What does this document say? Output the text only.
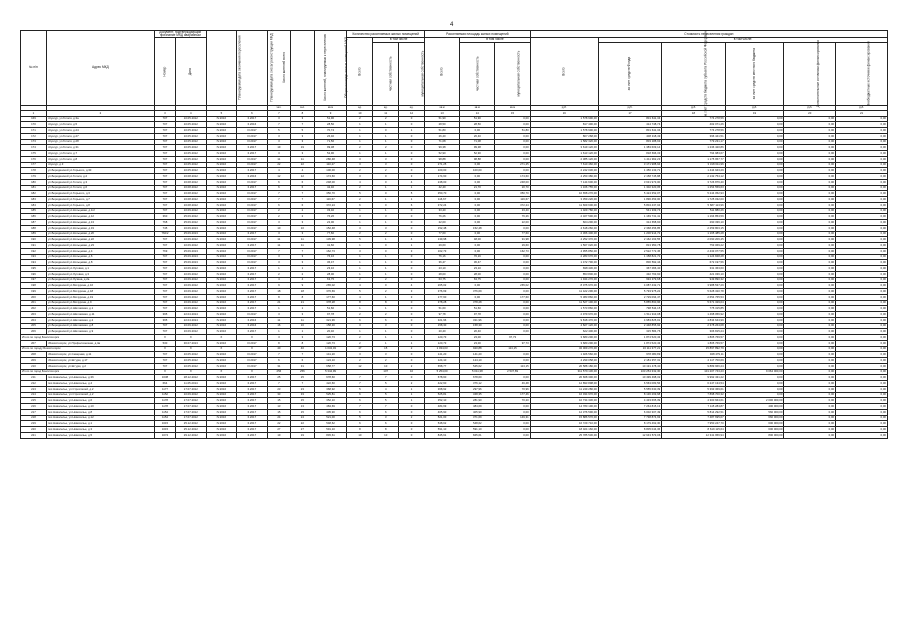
4
№ п/п	Адрес МКД	Документ, подтверждающий признание МКД аварийным		Планируемая дата окончания переселения	Планируемая дата сноса/ реконструкции МКД	Число жителей всего	Число жителей, планируемых к переселению	Общая площадь жилых помещений МКД	Количество расселяемых жилых помещений			Расселяемая площадь жилых помещений			Стоимость переселения граждан					
		Номер	Дата						Всего	в том числе		Всего	в том числе		Всего	в том числе:				
										частная собственность	муниципальная собственность		частная собственность	муниципальная собственность		за счет средств Фонда	за счет средств бюджета субъекта Российской Федерации	за счет средств местного бюджета	Дополнительные источники финансирования	Внебюджетные источники финансирования
						чел.	чел.	кв.м	ед.	ед.	ед.	кв.м	кв.м	кв.м	руб.	руб.	руб.	руб.	руб.	руб.
1	2	3	4	5	6	7	8	9	10	11	12	13	14	15	16	17	18	19	20	21
169	г.Кунгур, ул.Гоголя, д.3а	707	10.05.2012	IV.2016	II.2017	3	3	51,90	2	2	0	51,90	51,90	0,00	1 578 990,00	801 641,34	774 278,56	0,00	0,00	0,00
170	г.Кунгур, ул.Гоголя, д.5	707	10.05.2012	IV.2016	II.2016	7	7	28,50	1	1	0	28,50	28,50	0,00	817 490,00	414 748,74	402 071,26	0,00	0,00	0,00
171	г.Кунгур, ул.Гоголя, д.24	707	10.05.2012	IV.2016	IV.2017	5	5	70,74	1	0	1	51,80	0,00	51,80	1 578 990,00	801 641,34	774 278,56	0,00	0,00	0,00
172	г.Кунгур, ул.Гоголя, д.27	707	10.05.2012	IV.2016	IV.2017	3	3	26,40	1	1	0	26,40	26,40	0,00	807 268,00	408 318,49	396 441,51	0,00	0,00	0,00
173	г.Кунгур, ул.Гоголя, д.28	707	10.05.2012	IV.2016	IV.2017	3	3	71,56	1	1	0	71,08	71,08	0,00	1 582 320,00	803 188,93	779 231,17	0,00	0,00	0,00
174	г.Кунгур, ул.Гоголя, д.31	707	10.05.2012	IV.2016	II.2017	19	19	99,38	2	2	0	99,38	99,38	0,00	3 619 120,00	1 383 609,14	1 236 420,86	0,00	0,00	0,00
175	г.Кунгур, ул.Гоголя, д.7	707	10.05.2012	IV.2016	II.2017	3	3	52,90	1	1	0	52,90	52,90	0,00	1 613 120,00	818 696,33	794 983,67	0,00	0,00	0,00
176	г.Кунгур, ул.Гоголя, д.8	707	10.05.2012	IV.2016	IV.2017	11	11	280,48	3	3	0	98,88	98,88	0,00	2 385 120,00	1 211 962,23	1 175 957,77	0,00	0,00	0,00
177	г.Кунгур, д.3	707	10.05.2012	IV.2016	IV.2017	22	22	110,27	3	3	0	271,25	0,00	271,25	7 610 460,00	3 171 988,94	3 318 611,96	0,00	0,00	0,00
178	ул.Бородинской ул.Горького, д.30	707	10.05.2012	IV.2016	II.2017	4	4	100,00	2	2	0	100,00	100,00	0,00	2 242 030,00	1 450 133,71	1 444 943,29	0,00	0,00	0,00
179	ул.Бородинской ул.Гоголя, д.2	707	16.08.2012	IV.2016	II.2016	12	12	174,60	3	0	3	174,60	0,00	174,60	4 250 380,00	2 158 745,88	2 132 754,12	0,00	0,00	0,00
180	ул.Бородинской ул.Гоголя, д.3	707	16.08.2012	IV.2016	IV.2017	6	6	248,00	4	0	4	248,00	0,00	248,00	7 144 600,00	3 631 973,00	3 726 876,40	0,00	0,00	0,00
181	ул.Бородинской ул.Гоголя, д.6	707	16.08.2012	IV.2016	II.2017	6	6	42,40	2	1	1	42,40	21,70	20,70	1 166 755,00	1 302 320,05	1 254 559,63	0,00	0,00	0,00
182	ул.Бородинской ул.Горького, д.3	707	16.08.2012	IV.2016	IV.2017	7	7	350,70	5	0	5	350,70	0,00	350,70	10 658 270,00	5 424 352,07	5 244 052,93	0,00	0,00	0,00
183	ул.Бородинской ул.Горького, д.7	707	16.08.2012	IV.2016	IV.2017	7	7	116,67	2	1	1	116,67	0,00	116,67	3 359 220,00	1 896 453,00	1 725 032,00	0,00	0,00	0,00
184	ул.Бородинской ул.Горького, д.8	707	16.08.2012	IV.2016	IV.2017	6	6	372,24	6	0	6	372,24	0,00	372,24	11 669 600,00	5 804 437,04	5 687 113,96	0,00	0,00	0,00
185	ул.Бородинской ул.Кольцевая, д.1/2	707	10.09.2012	IV.2016	IV.2017	2	2	33,40	1	1	0	33,40	0,00	33,40	1 029 780,00	541 939,74	511 880,26	0,00	0,00	0,00
186	ул.Бородинской ул.Кольцевая, д.12	360	25.09.2012	IV.2016	IV.2017	2	2	76,26	3	3	0	76,26	0,00	76,26	2 327 590,00	1 169 731,41	1 164 854,59	0,00	0,00	0,00
187	ул.Бородинской ул.Кольцевая, д.13	768	25.09.2012	IV.2016	IV.2017	3	3	22,00	1	1	0	22,00	0,00	22,00	604 290,00	314 658,90	290 336,10	0,00	0,00	0,00
188	ул.Бородинской ул.Кольцевая, д.19	745	16.09.2013	IV.2016	IV.2017	10	10	152,48	3	3	0	152,48	152,48	0,00	4 618 260,00	2 368 456,85	2 259 803,15	0,00	0,00	0,00
189	ул.Бородинской ул.Кольцевая, д.20	760/2	25.09.2013	IV.2016	II.2017	3	3	77,60	2	2	0	77,60	0,00	77,60	2 366 400,00	1 200 914,72	1 165 485,28	0,00	0,00	0,00
190	ул.Бородинской ул.Кольцевая, д.22	707	10.09.2012	IV.2016	IV.2017	11	11	139,98	5	1	4	139,98	48,00	91,98	4 252 370,00	2 162 163,55	2 090 206,45	0,00	0,00	0,00
191	ул.Бородинской ул.Кольцевая, д.23	707	10.09.2012	IV.2016	II.2017	11	11	41,60	1	0	1	29,60	0,00	29,60	1 567 020,00	813 950,78	753 069,22	0,00	0,00	0,00
192	ул.Бородинской ул.Кольцевая, д.4	769	25.09.2013	IV.2016	IV.2017	7	7	162,73	3	0	3	162,73	0,00	162,73	4 955 850,00	2 522 772,45	2 433 077,55	0,00	0,00	0,00
193	ул.Бородинской ул.Кольцевая, д.6	707	25.09.2013	IV.2016	IV.2017	3	3	76,16	1	1	0	76,16	76,16	0,00	2 283 670,00	1 158 821,72	1 124 848,28	0,00	0,00	0,00
194	ул.Бородинской ул.Кольцевая, д.8	707	25.09.2013	IV.2016	IV.2017	3	3	36,47	1	1	0	36,47	36,47	0,00	1 472 790,00	800 592,44	672 197,56	0,00	0,00	0,00
195	ул.Бородинской ул.Луговая, д.1	707	10.09.2012	IV.2016	II.2017	1	1	23,10	1	1	0	23,10	23,10	0,00	698 430,00	367 066,40	331 363,60	0,00	0,00	0,00
196	ул.Бородинской ул.Луговая, д.3	707	10.09.2012	IV.2016	II.2017	2	2	28,00	1	1	0	28,00	28,00	0,00	853 800,00	432 763,90	421 036,10	0,00	0,00	0,00
197	ул.Бородинской ул.Лузина, д.2а	707	16.09.2012	IV.2016	II.2017	4	4	63,75	2	2	0	63,75	63,75	0,00	1 944 270,00	994 379,68	949 890,32	0,00	0,00	0,00
198	ул.Бородинской ул.Мичурина, д.16	707	16.09.2012	IV.2016	II.2017	9	9	265,02	4	0	4	265,02	0,00	265,02	8 075 970,00	4 087 432,71	3 988 537,29	0,00	0,00	0,00
199	ул.Бородинской ул.Мичурина, д.18	707	16.09.2012	IV.2016	II.2017	18	18	376,69	5	2	3	376,69	376,69	0,00	11 422 296,00	5 793 975,22	5 628 320,78	0,00	0,00	0,00
200	ул.Бородинской ул.Мичурина, д.19	707	16.09.2012	IV.2016	II.2017	8	8	177,60	4	1	3	177,60	0,00	177,60	5 383 860,00	2 729 094,47	2 654 765,53	0,00	0,00	0,00
201	ул.Бородинской ул.Мичурина, д.9	707	16.09.2012	IV.2016	II.2017	21	21	378,28	8	8	0	378,28	378,28	0,00	11 527 190,00	5 855 860,96	5 671 329,04	0,00	0,00	0,00
202	ул.Бородинской ул.Шиловская, д.1	707	16.09.2012	IV.2016	II.2017	1	1	51,60	1	1	0	51,60	51,60	0,00	1 573 860,00	798 544,15	775 315,85	0,00	0,00	0,00
203	ул.Бородинской ул.Шиловская, д.11	395	22.04.2014	IV.2016	IV.2017	3	3	97,78	2	2	0	97,78	97,78	0,00	2 979 970,00	1 511 913,08	1 468 056,92	0,00	0,00	0,00
204	ул.Бородинской ул.Шиловская, д.2	395	22.04.2014	IV.2016	II.2016	11	11	321,96	6	6	0	321,96	321,96	0,00	9 818 470,00	4 983 825,01	4 834 644,99	0,00	0,00	0,00
205	ул.Бородинской ул.Шиловская, д.8	707	16.09.2012	IV.2016	II.2016	16	16	158,30	3	3	0	158,30	158,30	0,00	4 827 120,00	2 448 855,92	2 378 264,08	0,00	0,00	0,00
206	ул.Бородинской ул.Шиловская, д.9	707	16.09.2012	IV.2016	II.2017	1	1	20,40	1	1	0	20,40	20,40	0,00	622 400,00	315 584,76	306 815,24	0,00	0,00	0,00
Итого по город Бокситогорск		X	X	X	X	3	3	120,73	2	1	1	120,73	23,00	97,73	3 680 290,00	1 874 520,43	1 805 769,57	0,00	0,00	0,00
207	г.Бокситогорск, ул.Професcоюзная, д.4а	530	30.07.2013	IV.2016	IV.2017	8	8	120,73	2	1	1	120,73	23,00	97,73	3 680 290,00	1 874 520,43	1 805 769,57	0,00	0,00	0,00
Итого по городу Бокситогорск		X	X	X	X	40	40	1 034,03	17	15	2	1 034,03	920,88	113,15	32 009 270,00	16 111 377,21	15 897 892,79	0,00	0,00	0,00
208	г.Бокситогорск, ул.Северная, д.11	707	10.05.2012	IV.2016	IV.2017	7	7	141,20	3	3	0	141,20	141,20	0,00	1 926 560,00	978 080,89	948 479,11	0,00	0,00	0,00
209	г.Бокситогорск, ул.Штурм, д.17	707	10.05.2012	IV.2016	IV.2017	6	6	124,10	2	2	0	124,10	124,10	0,00	4 299 058,00	2 181 357,31	2 117 700,69	0,00	0,00	0,00
210	г.Бокситогорск, ул.Штурм, д.2	707	10.05.2012	IV.2016	IV.2017	31	31	658,77	12	10	2	658,77	545,62	113,15	20 588 180,00	10 191 478,40	9 889 966,24	0,00	0,00	0,00
Итого по город Бокситогорск		X	X	X	X	256	256	5 344,99		107	10	5 254,00	5 011,38	2 537,89	311 579 130,00	103 254 332,30	101 207 743,23	9 064 000,00	0,00	0,00
211	пос.Новоселье, ул.Новоселье, д.36	1638	28.12.2012	IV.2016	II.2017	25	25	678,60	7	7	0	678,60	678,60	0,00	20 668 390,00	10 499 498,32	9 992 431,22	0,00	0,00	0,00
212	пос.Новоселье, ул.Новоселье, д.4	664	11.05.2014	IV.2016	II.2017	7	7	422,60	7	5	2	422,60	376,12	46,48	12 893 898,00	6 563 083,56	6 247 134,54	0,00	0,00	0,00
213	пос.Новоселье, ул.Строителей, д.2	1177	17.07.2012	IV.2016	II.2017	23	23	368,92	5	4	1	368,92	297,96	70,96	11 249 280,00	5 555 630,39	5 393 369,61	0,00	0,00	0,00
214	пос.Новоселье, ул.Строителей, д.2	1152	10.09.2012	IV.2016	II.2017	33	33	525,81	6	5	1	525,81	348,35	177,46	16 034 970,00	8 136 269,68	7 898 700,32	0,00	0,00	0,00
215	пос.Новоселье, ул.Новоселье, д.6	1178	17.07.2012	IV.2016	II.2017	15	15	352,10	6	5	1	352,10	281,90	70,20	10 734 330,00	4 433 665,39	4 300 664,61	2 000 000,00	0,00	0,00
216	пос.Новоселье, ул.Новоселье, д.10	1178	17.07.2012	IV.2016	II.2017	13	13	484,69	7	7	0	484,69	484,69	0,00	14 780 190,00	7 264 815,13	7 115 284,87	400 000,00	0,00	0,00
217	пос.Новоселье, ул.Новоселье, д.8	1154	17.07.2012	IV.2016	II.2017	15	15	405,90	6	6	0	405,90	405,90	0,00	12 376 590,00	6 002 307,49	5 814 292,51	560 000,00	0,00	0,00
218	пос.Новоселье, ул.Новоселье, д.12	1154	17.07.2012	IV.2016	II.2017	24	24	521,00	5	3	2	521,00	371,69	149,31	15 886 570,00	7 738 874,93	7 487 695,07	660 000,00	0,00	0,00
219	пос.Новоселье, ул.Новоселье, д.1	1615	25.12.2012	IV.2016	II.2017	22	22	548,62	6	6	0	548,62	548,62	0,00	16 729 710,00	8 179 462,30	7 950 247,70	600 000,00	0,00	0,00
220	пос.Новоселье, ул.Новоселье, д.3	1615	25.12.2012	IV.2016	II.2017	27	27	591,10	8	8	0	591,10	591,10	0,00	18 024 160,00	8 805 044,36	8 619 115,64	600 000,00	0,00	0,00
221	пос.Новоселье, ул.Новоселье, д.5	1674	29.12.2012	IV.2016	II.2017	19	19	845,61	10	10	0	845,61	845,61	0,00	25 785 530,00	12 643 573,06	12 341 956,94	800 000,00	0,00	0,00
